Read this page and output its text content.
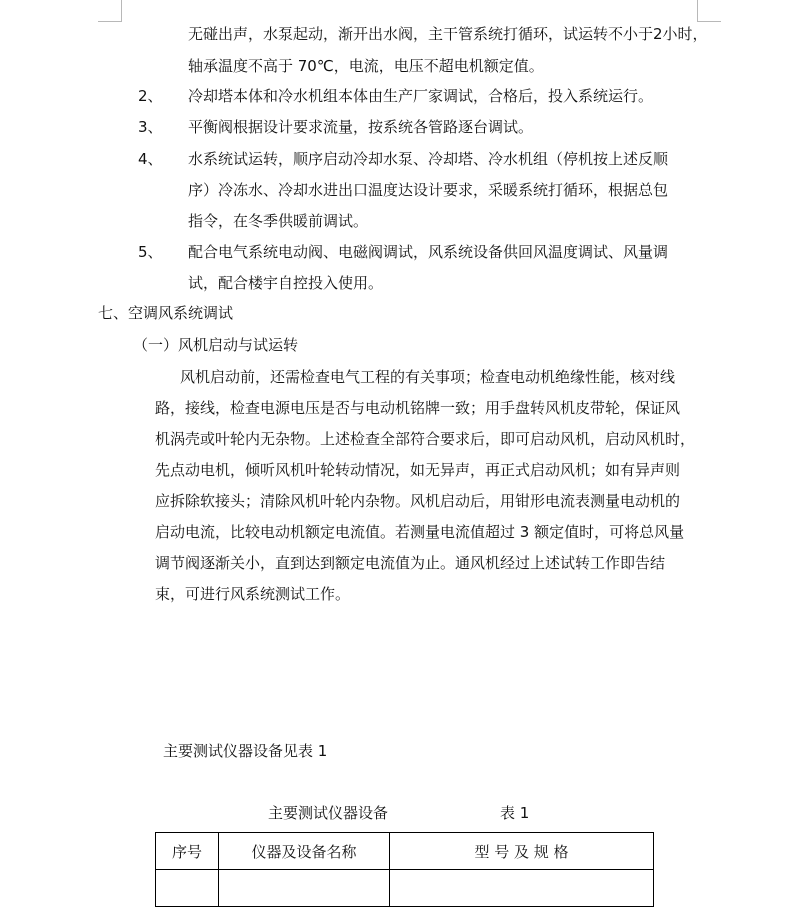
无碰出声，水泵起动，渐开出水阀，主干管系统打循环，试运转不小于2小时，
轴承温度不高于 70℃，电流，电压不超电机额定值。
2、 冷却塔本体和冷水机组本体由生产厂家调试，合格后，投入系统运行。
3、 平衡阀根据设计要求流量，按系统各管路逐台调试。
4、 水系统试运转，顺序启动冷却水泵、冷却塔、冷水机组（停机按上述反顺
序）冷冻水、冷却水进出口温度达设计要求，采暖系统打循环，根据总包
指令，在冬季供暖前调试。
5、 配合电气系统电动阀、电磁阀调试，风系统设备供回风温度调试、风量调
试，配合楼宇自控投入使用。
七、空调风系统调试
（一）风机启动与试运转
风机启动前，还需检查电气工程的有关事项；检查电动机绝缘性能，核对线
路，接线，检查电源电压是否与电动机铭牌一致；用手盘转风机皮带轮，保证风
机涡壳或叶轮内无杂物。上述检查全部符合要求后，即可启动风机，启动风机时，
先点动电机，倾听风机叶轮转动情况，如无异声，再正式启动风机；如有异声则
应拆除软接头；清除风机叶轮内杂物。风机启动后，用钳形电流表测量电动机的
启动电流，比较电动机额定电流值。若测量电流值超过 3 额定值时，可将总风量
调节阀逐渐关小，直到达到额定电流值为止。通风机经过上述试转工作即告结
束，可进行风系统测试工作。
主要测试仪器设备见表 1
主要测试仪器设备	表 1
序号	仪器及设备名称	型 号 及 规 格
